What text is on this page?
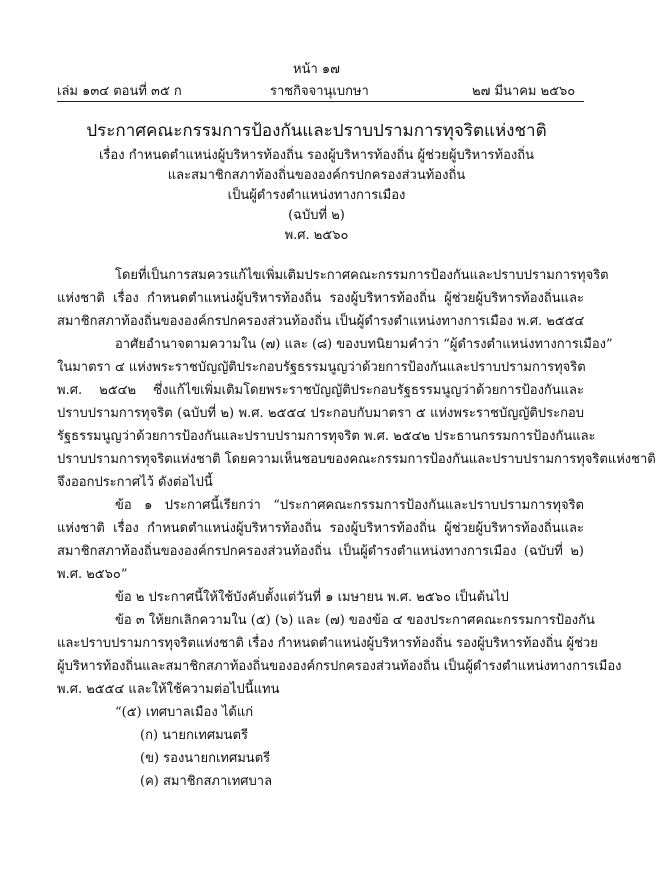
หน้า ๑๗
เล่ม ๑๓๔ ตอนที่ ๓๕ ก	ราชกิจจานุเบกษา	๒๗ มีนาคม ๒๕๖๐
ประกาศคณะกรรมการป้องกันและปราบปรามการทุจริตแห่งชาติ
เรื่อง กำหนดตำแหน่งผู้บริหารท้องถิ่น รองผู้บริหารท้องถิ่น ผู้ช่วยผู้บริหารท้องถิ่น
และสมาชิกสภาท้องถิ่นขององค์กรปกครองส่วนท้องถิ่น
เป็นผู้ดำรงตำแหน่งทางการเมือง
(ฉบับที่ ๒)
พ.ศ. ๒๕๖๐
โดยที่เป็นการสมควรแก้ไขเพิ่มเติมประกาศคณะกรรมการป้องกันและปราบปรามการทุจริต
แห่งชาติ เรื่อง กำหนดตำแหน่งผู้บริหารท้องถิ่น รองผู้บริหารท้องถิ่น ผู้ช่วยผู้บริหารท้องถิ่นและ
สมาชิกสภาท้องถิ่นขององค์กรปกครองส่วนท้องถิ่น เป็นผู้ดำรงตำแหน่งทางการเมือง พ.ศ. ๒๕๕๔
อาศัยอำนาจตามความใน (๗) และ (๘) ของบทนิยามคำว่า “ผู้ดำรงตำแหน่งทางการเมือง”
ในมาตรา ๔ แห่งพระราชบัญญัติประกอบรัฐธรรมนูญว่าด้วยการป้องกันและปราบปรามการทุจริต
พ.ศ. ๒๕๔๒ ซึ่งแก้ไขเพิ่มเติมโดยพระราชบัญญัติประกอบรัฐธรรมนูญว่าด้วยการป้องกันและ
ปราบปรามการทุจริต (ฉบับที่ ๒) พ.ศ. ๒๕๕๔ ประกอบกับมาตรา ๕ แห่งพระราชบัญญัติประกอบ
รัฐธรรมนูญว่าด้วยการป้องกันและปราบปรามการทุจริต พ.ศ. ๒๕๔๒ ประธานกรรมการป้องกันและ
ปราบปรามการทุจริตแห่งชาติ โดยความเห็นชอบของคณะกรรมการป้องกันและปราบปรามการทุจริตแห่งชาติ
จึงออกประกาศไว้ ดังต่อไปนี้
ข้อ ๑ ประกาศนี้เรียกว่า “ประกาศคณะกรรมการป้องกันและปราบปรามการทุจริต
แห่งชาติ เรื่อง กำหนดตำแหน่งผู้บริหารท้องถิ่น รองผู้บริหารท้องถิ่น ผู้ช่วยผู้บริหารท้องถิ่นและ
สมาชิกสภาท้องถิ่นขององค์กรปกครองส่วนท้องถิ่น เป็นผู้ดำรงตำแหน่งทางการเมือง (ฉบับที่ ๒)
พ.ศ. ๒๕๖๐”
ข้อ ๒ ประกาศนี้ให้ใช้บังคับตั้งแต่วันที่ ๑ เมษายน พ.ศ. ๒๕๖๐ เป็นต้นไป
ข้อ ๓ ให้ยกเลิกความใน (๕) (๖) และ (๗) ของข้อ ๔ ของประกาศคณะกรรมการป้องกัน
และปราบปรามการทุจริตแห่งชาติ เรื่อง กำหนดตำแหน่งผู้บริหารท้องถิ่น รองผู้บริหารท้องถิ่น ผู้ช่วย
ผู้บริหารท้องถิ่นและสมาชิกสภาท้องถิ่นขององค์กรปกครองส่วนท้องถิ่น เป็นผู้ดำรงตำแหน่งทางการเมือง
พ.ศ. ๒๕๕๔ และให้ใช้ความต่อไปนี้แทน
“(๕) เทศบาลเมือง ได้แก่
(ก) นายกเทศมนตรี
(ข) รองนายกเทศมนตรี
(ค) สมาชิกสภาเทศบาล
